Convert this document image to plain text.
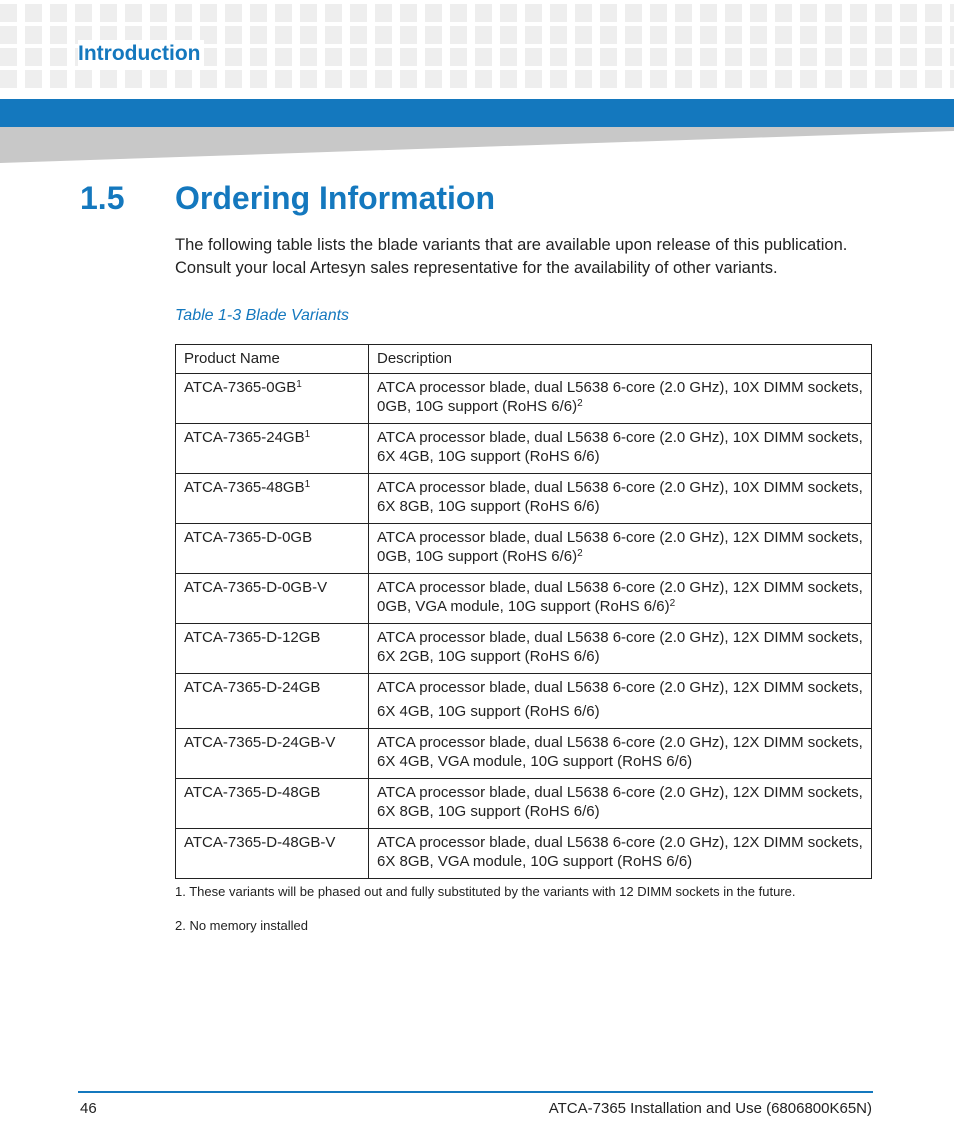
Introduction
1.5 Ordering Information
The following table lists the blade variants that are available upon release of this publication. Consult your local Artesyn sales representative for the availability of other variants.
Table 1-3 Blade Variants
Product Name	Description
ATCA-$7365-0GB^1$	ATCA processor blade, dual L5638 6-core (2.0 GHz), 10X DIMM sockets,
0GB, 10G support (RoHS 6/6)$^2$

ATCA-$7365-24GB^1$	ATCA processor blade, dual L5638 6-core (2.0 GHz), 10X DIMM sockets,
6X 4GB, 10G support (RoHS 6/6)

ATCA-$7365-48GB^1$	ATCA processor blade, dual L5638 6-core (2.0 GHz), 10X DIMM sockets,
6X 8GB, 10G support (RoHS 6/6)

ATCA-7365-D-0GB	ATCA processor blade, dual L5638 6-core (2.0 GHz), 12X DIMM sockets,
0GB, 10G support (RoHS 6/6)$^2$

ATCA-7365-D-0GB-V	ATCA processor blade, dual L5638 6-core (2.0 GHz), 12X DIMM sockets,
0GB, VGA module, 10G support (RoHS 6/6)$^2$

ATCA-7365-D-12GB	ATCA processor blade, dual L5638 6-core (2.0 GHz), 12X DIMM sockets,
6X 2GB, 10G support (RoHS 6/6)

ATCA-7365-D-24GB	ATCA processor blade, dual L5638 6-core (2.0 GHz), 12X DIMM sockets,
6X 4GB, 10G support (RoHS 6/6)

ATCA-7365-D-24GB-V	ATCA processor blade, dual L5638 6-core (2.0 GHz), 12X DIMM sockets,
6X 4GB, VGA module, 10G support (RoHS 6/6)

ATCA-7365-D-48GB	ATCA processor blade, dual L5638 6-core (2.0 GHz), 12X DIMM sockets,
6X 8GB, 10G support (RoHS 6/6)

ATCA-7365-D-48GB-V	ATCA processor blade, dual L5638 6-core (2.0 GHz), 12X DIMM sockets,
6X 8GB, VGA module, 10G support (RoHS 6/6)
1. These variants will be phased out and fully substituted by the variants with 12 DIMM sockets in the future.
2. No memory installed
46	ATCA-7365 Installation and Use (6806800K65N)
